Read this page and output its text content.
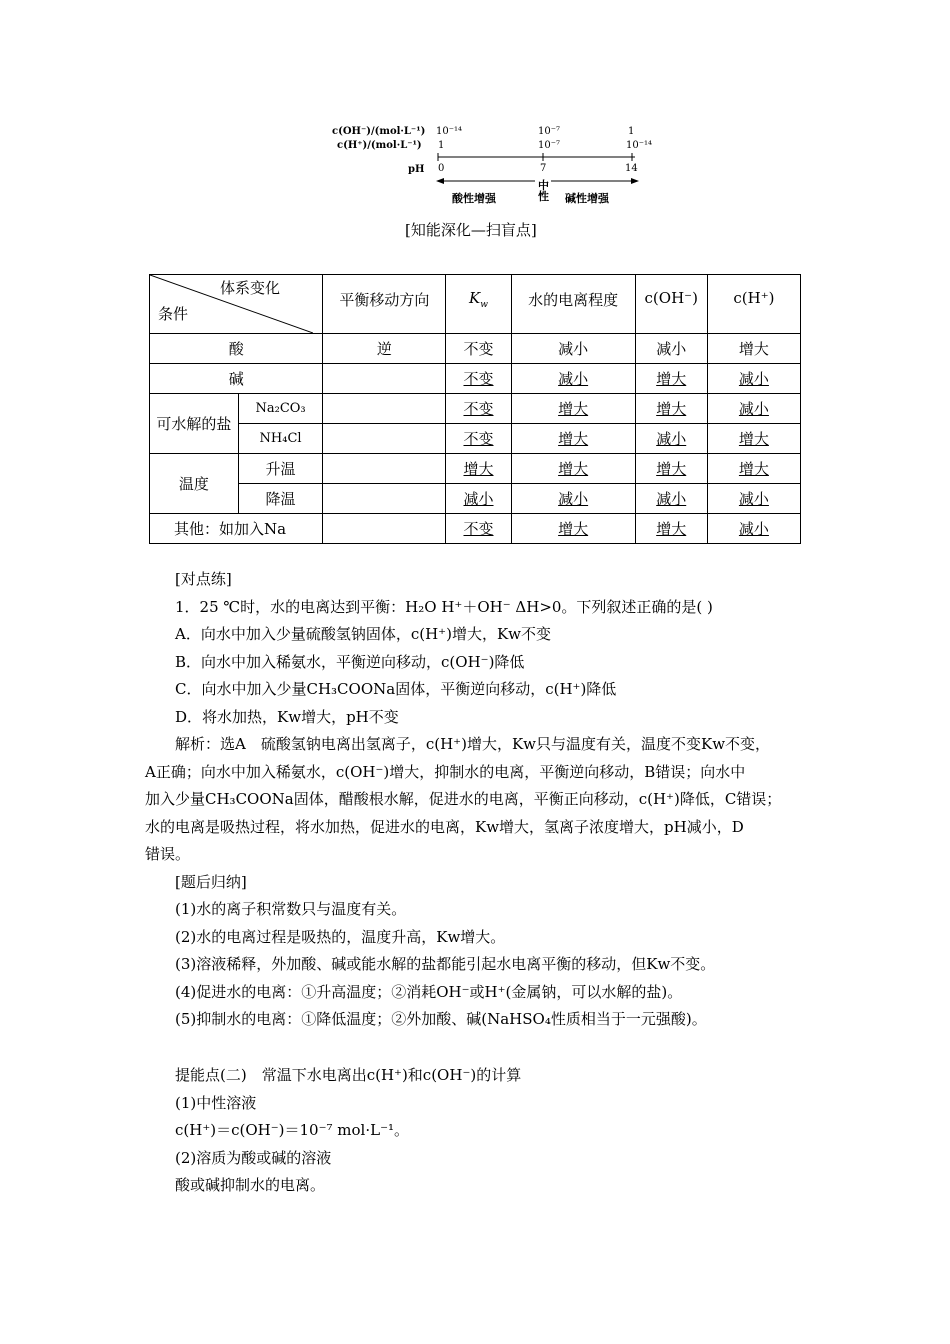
c(OH⁻)/(mol·L⁻¹)
c(H⁺)/(mol·L⁻¹)
pH
10⁻¹⁴	10⁻⁷	1
1	10⁻⁷	10⁻¹⁴
0	7	14
酸性增强
中
性 碱性增强
[知能深化—扫盲点]
体系变化
条件		平衡移动方向	$K_w$	水的电离程度	c(OH⁻)	c(H⁺)
酸		逆	不变	减小	减小	增大
碱			不变	减小	增大	减小
可水解的盐	Na₂CO₃		不变	增大	增大	减小
	NH₄Cl		不变	增大	减小	增大
温度	升温		增大	增大	增大	增大
	降温		减小	减小	减小	减小
其他：如加入Na			不变	增大	增大	减小
[对点练]
1．25 ℃时，水的电离达到平衡：H₂O H⁺＋OH⁻ ΔH>0。下列叙述正确的是( )
A．向水中加入少量硫酸氢钠固体，c(H⁺)增大，Kw不变
B．向水中加入稀氨水，平衡逆向移动，c(OH⁻)降低
C．向水中加入少量CH₃COONa固体，平衡逆向移动，c(H⁺)降低
D．将水加热，Kw增大，pH不变
解析：选A　硫酸氢钠电离出氢离子，c(H⁺)增大，Kw只与温度有关，温度不变Kw不变，
A正确；向水中加入稀氨水，c(OH⁻)增大，抑制水的电离，平衡逆向移动，B错误；向水中
加入少量CH₃COONa固体，醋酸根水解，促进水的电离，平衡正向移动，c(H⁺)降低，C错误；
水的电离是吸热过程，将水加热，促进水的电离，Kw增大，氢离子浓度增大，pH减小，D
错误。
[题后归纳]
(1)水的离子积常数只与温度有关。
(2)水的电离过程是吸热的，温度升高，Kw增大。
(3)溶液稀释，外加酸、碱或能水解的盐都能引起水电离平衡的移动，但Kw不变。
(4)促进水的电离：①升高温度；②消耗OH⁻或H⁺(金属钠，可以水解的盐)。
(5)抑制水的电离：①降低温度；②外加酸、碱(NaHSO₄性质相当于一元强酸)。
提能点(二)　常温下水电离出c(H⁺)和c(OH⁻)的计算
(1)中性溶液
c(H⁺)＝c(OH⁻)＝10⁻⁷ mol·L⁻¹。
(2)溶质为酸或碱的溶液
酸或碱抑制水的电离。
